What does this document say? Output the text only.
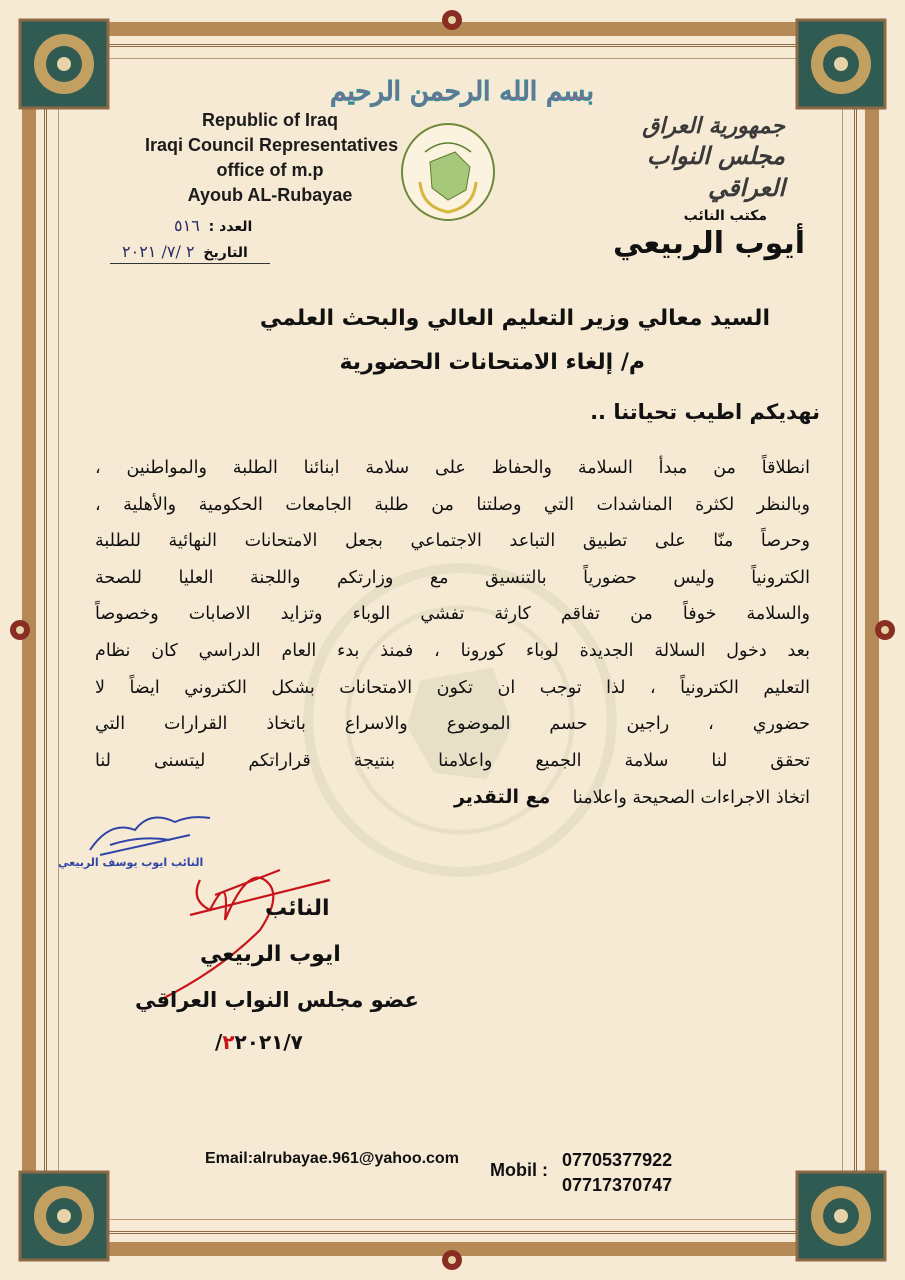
بسم الله الرحمن الرحيم
Republic of Iraq
Iraqi Council Representatives
office of m.p
Ayoub AL-Rubayae
العدد : ٥١٦
التاريخ ٢ /٧/ ٢٠٢١
جمهورية العراق
مجلس النواب العراقي
مكتب النائب
أيوب الربيعي
السيد معالي وزير التعليم العالي والبحث العلمي
م/ إلغاء الامتحانات الحضورية
نهديكم اطيب تحياتنا ..
انطلاقاً من مبدأ السلامة والحفاظ على سلامة ابنائنا الطلبة والمواطنين ،
وبالنظر لكثرة المناشدات التي وصلتنا من طلبة الجامعات الحكومية والأهلية ،
وحرصاً منّا على تطبيق التباعد الاجتماعي بجعل الامتحانات النهائية للطلبة
الكترونياً وليس حضورياً بالتنسيق مع وزارتكم واللجنة العليا للصحة
والسلامة خوفاً من تفاقم كارثة تفشي الوباء وتزايد الاصابات وخصوصاً
بعد دخول السلالة الجديدة لوباء كورونا ، فمنذ بدء العام الدراسي كان نظام
التعليم الكترونياً ، لذا توجب ان تكون الامتحانات بشكل الكتروني ايضاً لا
حضوري ، راجين حسم الموضوع والاسراع باتخاذ القرارات التي
تحقق لنا سلامة الجميع واعلامنا بنتيجة قراراتكم ليتسنى لنا
اتخاذ الاجراءات الصحيحة واعلامنا    مع التقدير
النائب ايوب يوسف الربيعي
النائب
ايوب الربيعي
عضو مجلس النواب العراقي
٢٢٠٢١/٧/
Email:alrubayae.961@yahoo.com
Mobil : 07705377922
07717370747
